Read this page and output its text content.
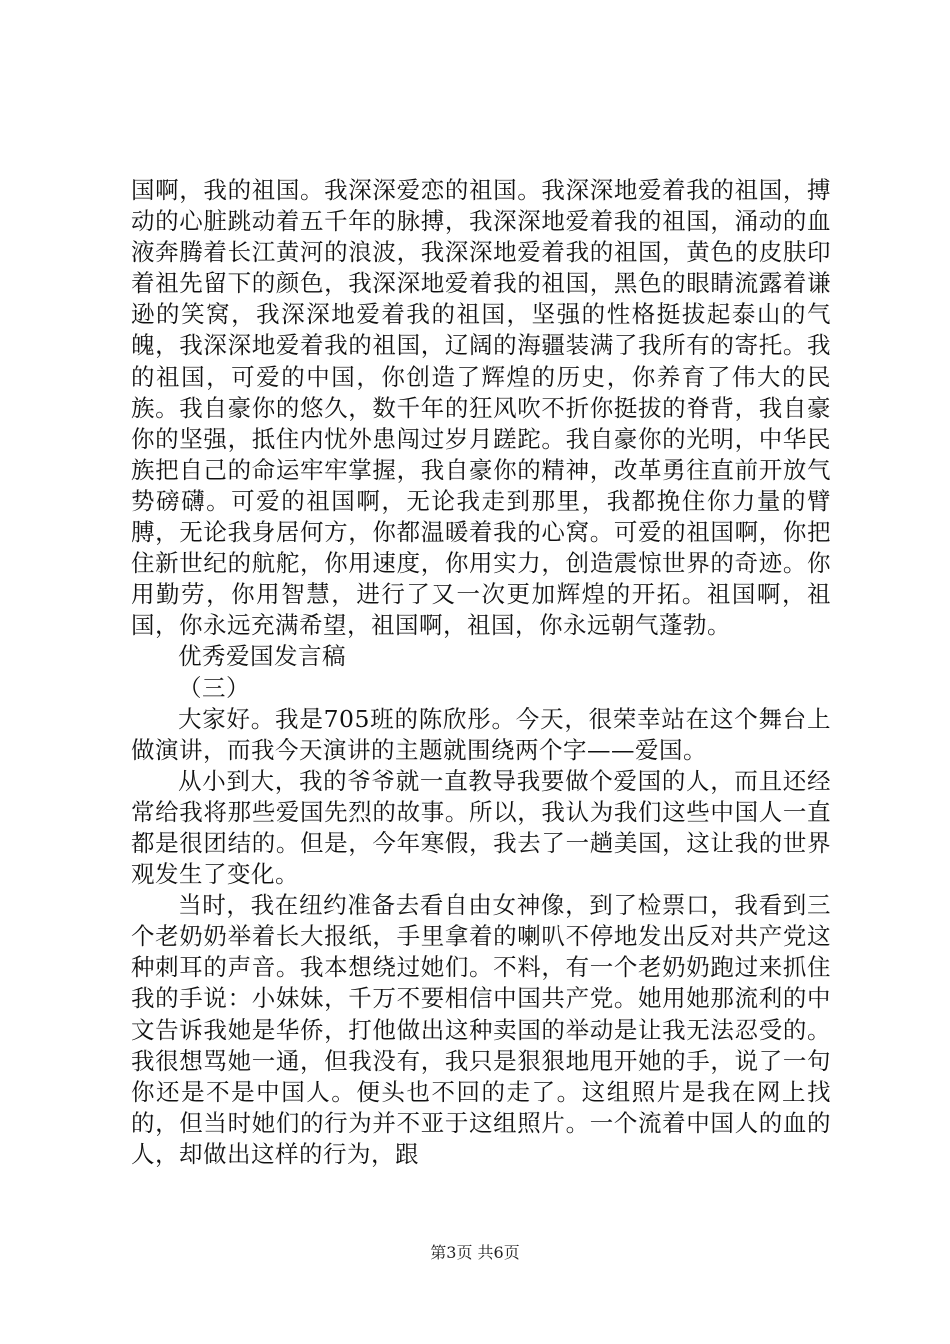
国啊，我的祖国。我深深爱恋的祖国。我深深地爱着我的祖国，搏动的心脏跳动着五千年的脉搏，我深深地爱着我的祖国，涌动的血液奔腾着长江黄河的浪波，我深深地爱着我的祖国，黄色的皮肤印着祖先留下的颜色，我深深地爱着我的祖国，黑色的眼睛流露着谦逊的笑窝，我深深地爱着我的祖国，坚强的性格挺拔起泰山的气魄，我深深地爱着我的祖国，辽阔的海疆装满了我所有的寄托。我的祖国，可爱的中国，你创造了辉煌的历史，你养育了伟大的民族。我自豪你的悠久，数千年的狂风吹不折你挺拔的脊背，我自豪你的坚强，抵住内忧外患闯过岁月蹉跎。我自豪你的光明，中华民族把自己的命运牢牢掌握，我自豪你的精神，改革勇往直前开放气势磅礴。可爱的祖国啊，无论我走到那里，我都挽住你力量的臂膊，无论我身居何方，你都温暖着我的心窝。可爱的祖国啊，你把住新世纪的航舵，你用速度，你用实力，创造震惊世界的奇迹。你用勤劳，你用智慧，进行了又一次更加辉煌的开拓。祖国啊，祖国，你永远充满希望，祖国啊，祖国，你永远朝气蓬勃。

优秀爱国发言稿

（三）

大家好。我是705班的陈欣彤。今天，很荣幸站在这个舞台上做演讲，而我今天演讲的主题就围绕两个字——爱国。

从小到大，我的爷爷就一直教导我要做个爱国的人，而且还经常给我将那些爱国先烈的故事。所以，我认为我们这些中国人一直都是很团结的。但是，今年寒假，我去了一趟美国，这让我的世界观发生了变化。

当时，我在纽约准备去看自由女神像，到了检票口，我看到三个老奶奶举着长大报纸，手里拿着的喇叭不停地发出反对共产党这种刺耳的声音。我本想绕过她们。不料，有一个老奶奶跑过来抓住我的手说：小妹妹，千万不要相信中国共产党。她用她那流利的中文告诉我她是华侨，打他做出这种卖国的举动是让我无法忍受的。我很想骂她一通，但我没有，我只是狠狠地甩开她的手，说了一句你还是不是中国人。便头也不回的走了。这组照片是我在网上找的，但当时她们的行为并不亚于这组照片。一个流着中国人的血的人，却做出这样的行为，跟

第3页 共6页
